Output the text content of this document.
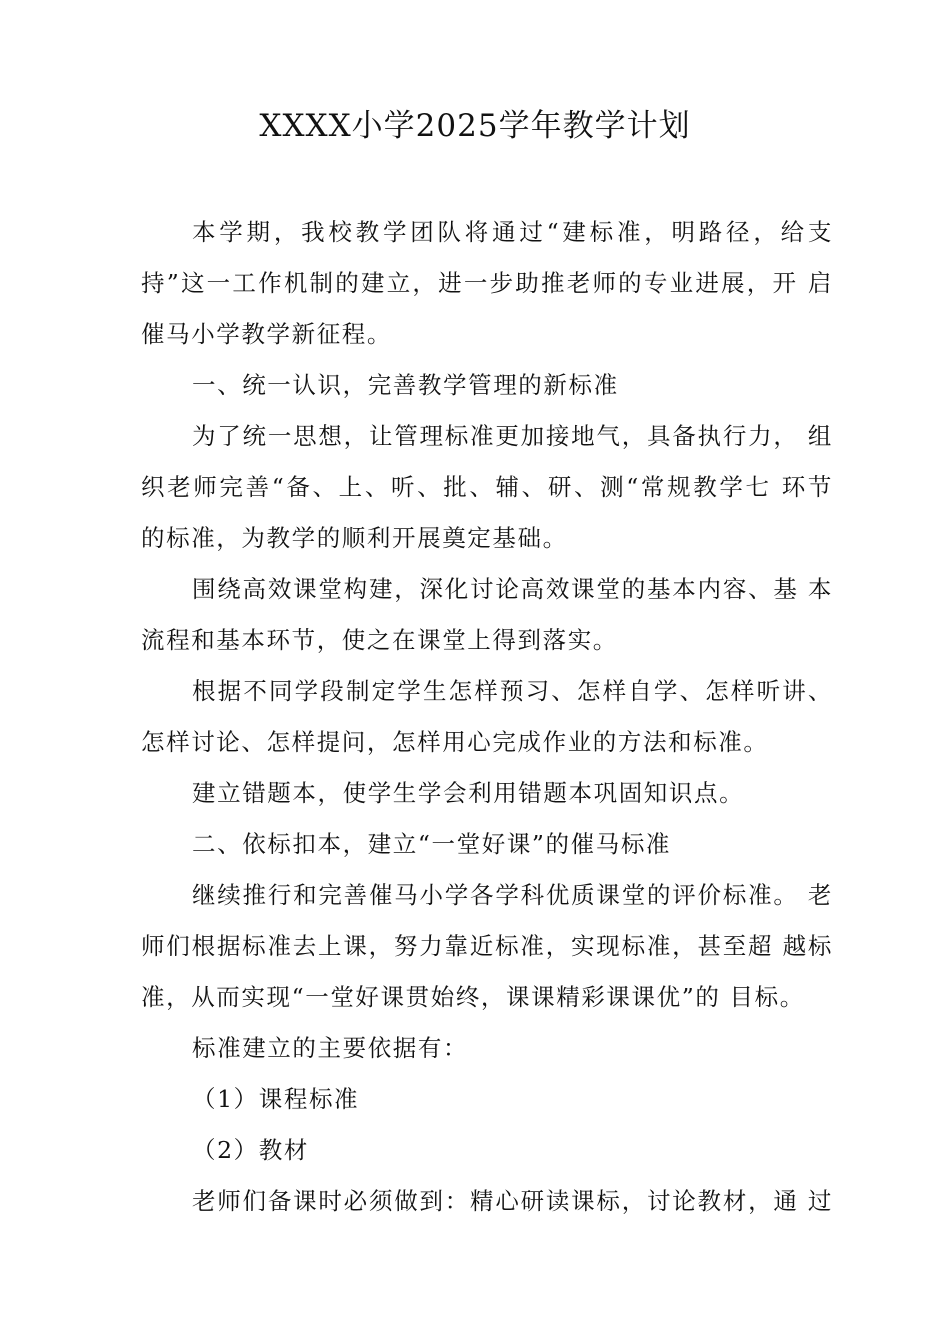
XXXX小学2025学年教学计划
本学期，我校教学团队将通过“建标准，明路径，给支
持”这一工作机制的建立，进一步助推老师的专业进展，开 启
催马小学教学新征程。
一、统一认识，完善教学管理的新标准
为了统一思想，让管理标准更加接地气，具备执行力， 组
织老师完善“备、上、听、批、辅、研、测“常规教学七 环节
的标准，为教学的顺利开展奠定基础。
围绕高效课堂构建，深化讨论高效课堂的基本内容、基 本
流程和基本环节，使之在课堂上得到落实。
根据不同学段制定学生怎样预习、怎样自学、怎样听讲、
怎样讨论、怎样提问，怎样用心完成作业的方法和标准。
建立错题本，使学生学会利用错题本巩固知识点。
二、依标扣本，建立“一堂好课”的催马标准
继续推行和完善催马小学各学科优质课堂的评价标准。 老
师们根据标准去上课，努力靠近标准，实现标准，甚至超 越标
准，从而实现“一堂好课贯始终，课课精彩课课优”的 目标。
标准建立的主要依据有：
（1）课程标准
（2）教材
老师们备课时必须做到：精心研读课标，讨论教材，通 过
